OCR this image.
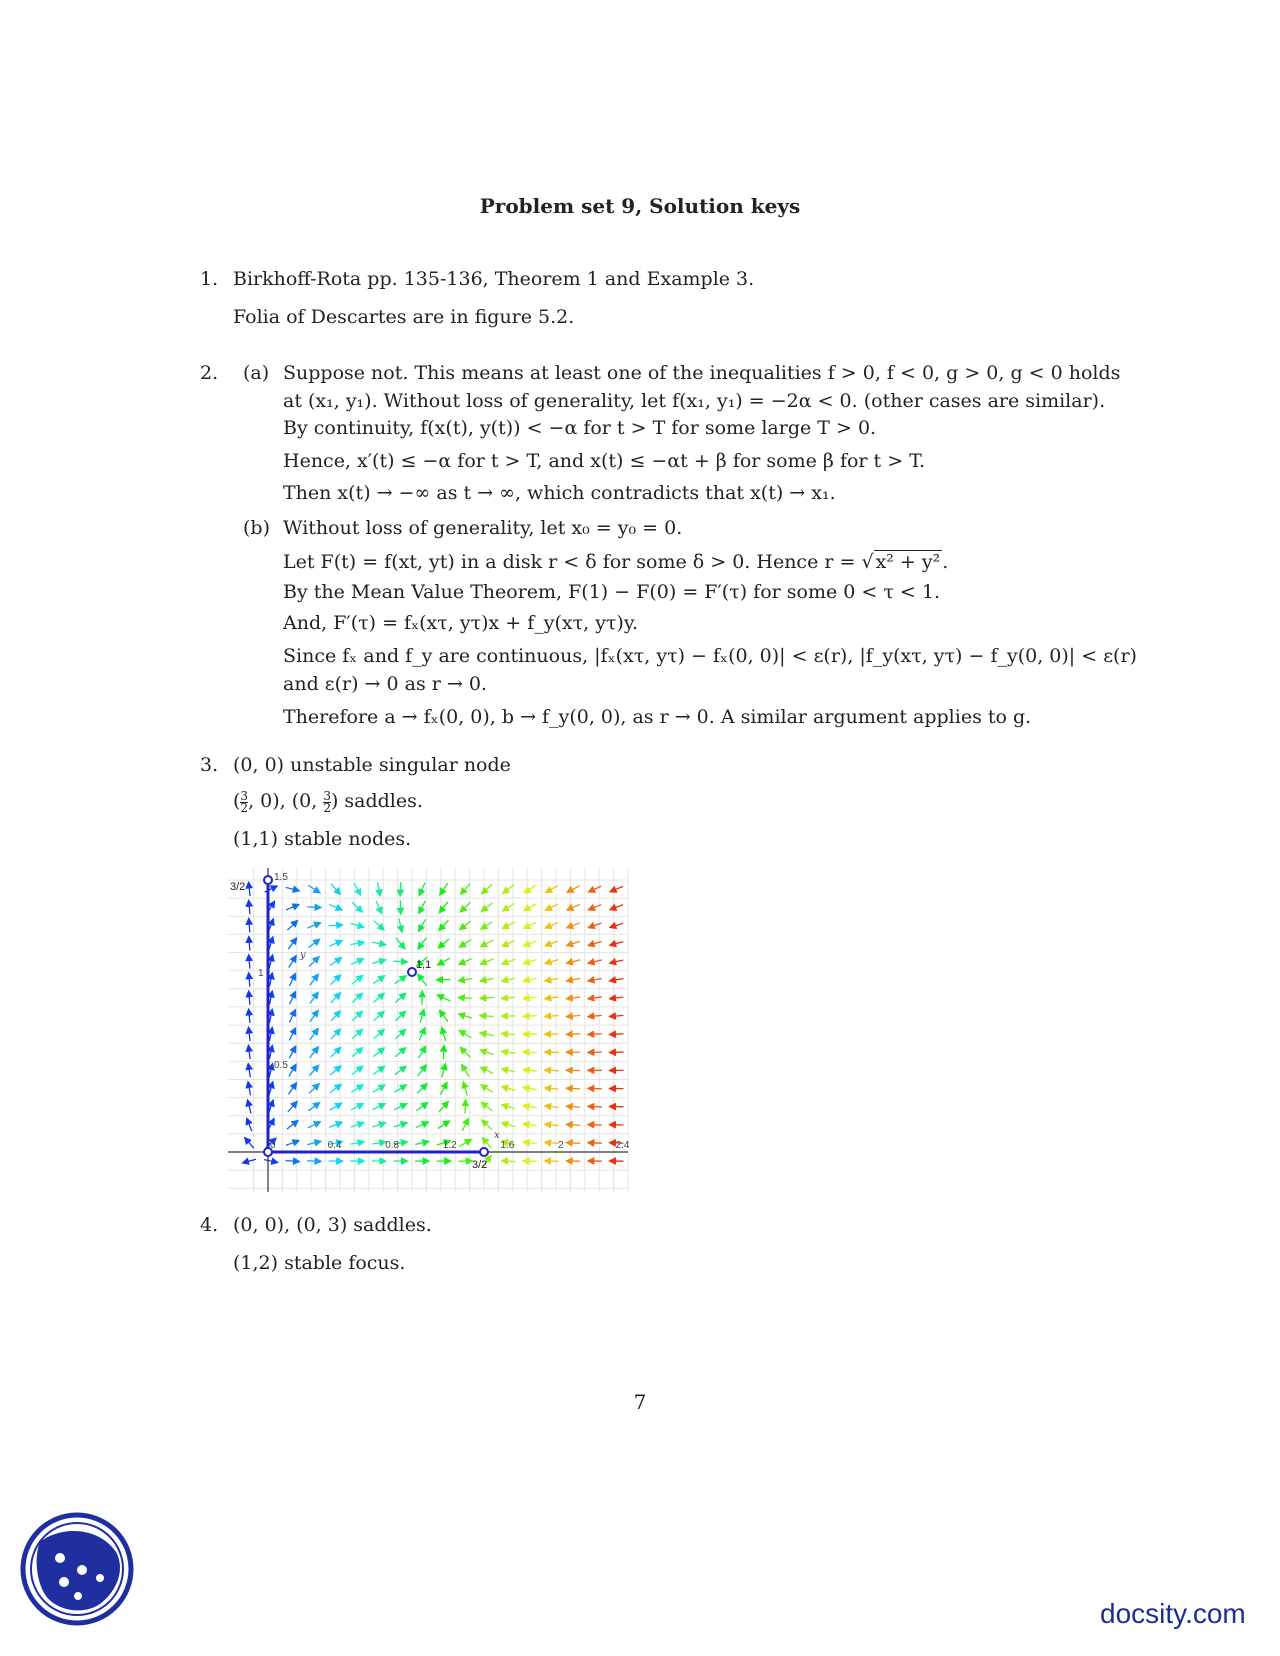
Problem set 9, Solution keys
1. Birkhoff-Rota pp. 135-136, Theorem 1 and Example 3.
Folia of Descartes are in figure 5.2.
2. (a) Suppose not. This means at least one of the inequalities f > 0, f < 0, g > 0, g < 0 holds
at (x₁, y₁). Without loss of generality, let f(x₁, y₁) = −2α < 0. (other cases are similar).
By continuity, f(x(t), y(t)) < −α for t > T for some large T > 0.
Hence, x′(t) ≤ −α for t > T, and x(t) ≤ −αt + β for some β for t > T.
Then x(t) → −∞ as t → ∞, which contradicts that x(t) → x₁.
(b) Without loss of generality, let x₀ = y₀ = 0.
Let F(t) = f(xt, yt) in a disk r < δ for some δ > 0. Hence r = √ x² + y² .
By the Mean Value Theorem, F(1) − F(0) = F′(τ) for some 0 < τ < 1.
And, F′(τ) = fₓ(xτ, yτ)x + f_y(xτ, yτ)y.
Since fₓ and f_y are continuous, |fₓ(xτ, yτ) − fₓ(0, 0)| < ε(r), |f_y(xτ, yτ) − f_y(0, 0)| < ε(r)
and ε(r) → 0 as r → 0.
Therefore a → fₓ(0, 0), b → f_y(0, 0), as r → 0. A similar argument applies to g.
3. (0, 0) unstable singular node
( $\frac{3}{2}$ , 0), (0, $\frac{3}{2}$ ) saddles.
(1,1) stable nodes.
3/2
1.5
1
0.5
y
x
1,1
3/2
0	0.4	0.8	1.2	1.6	2	2.4
4. (0, 0), (0, 3) saddles.
(1,2) stable focus.
7
docsity.com
